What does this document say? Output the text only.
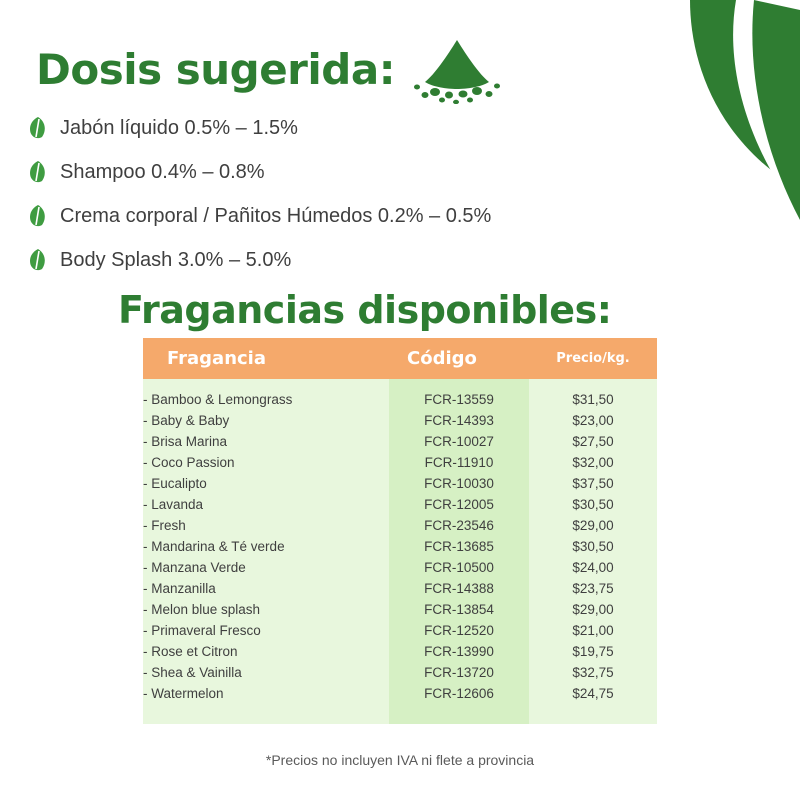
Dosis sugerida:
Jabón líquido 0.5% – 1.5%
Shampoo 0.4% – 0.8%
Crema corporal / Pañitos Húmedos 0.2% – 0.5%
Body Splash 3.0% – 5.0%
Fragancias disponibles:
Fragancia	Código	Precio/kg.

- Bamboo & Lemongrass	FCR-13559	$31,50
- Baby & Baby	FCR-14393	$23,00
- Brisa Marina	FCR-10027	$27,50
- Coco Passion	FCR-11910	$32,00
- Eucalipto	FCR-10030	$37,50
- Lavanda	FCR-12005	$30,50
- Fresh	FCR-23546	$29,00
- Mandarina & Té verde	FCR-13685	$30,50
- Manzana Verde	FCR-10500	$24,00
- Manzanilla	FCR-14388	$23,75
- Melon blue splash	FCR-13854	$29,00
- Primaveral Fresco	FCR-12520	$21,00
- Rose et Citron	FCR-13990	$19,75
- Shea & Vainilla	FCR-13720	$32,75
- Watermelon	FCR-12606	$24,75

*Precios no incluyen IVA ni flete a provincia
